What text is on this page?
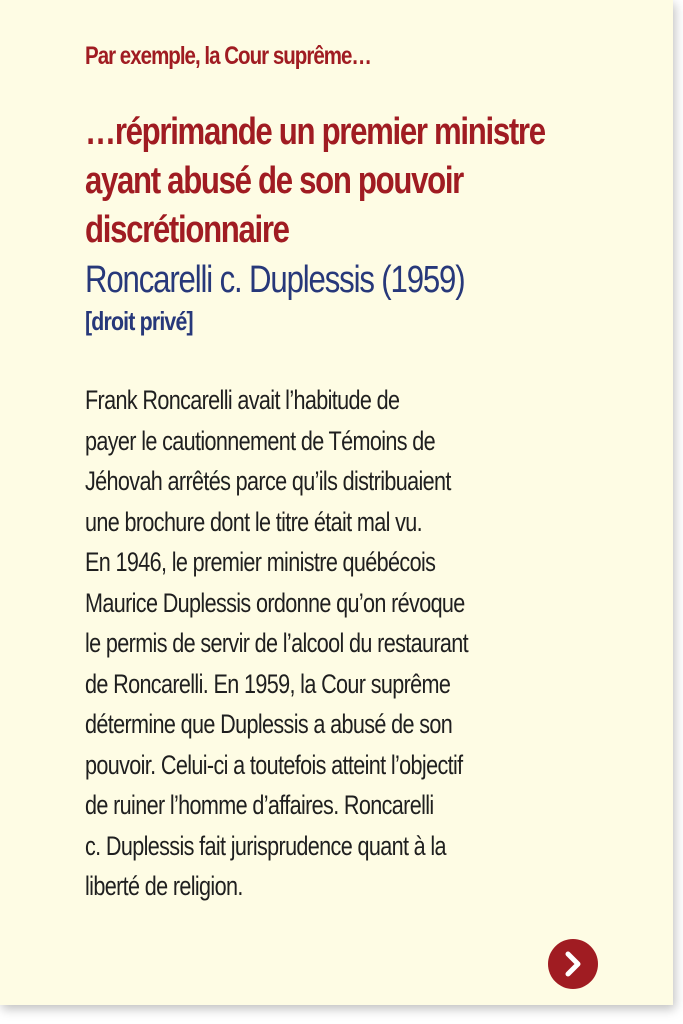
Par exemple, la Cour suprême…

…réprimande un premier ministre ayant abusé de son pouvoir discrétionnaire

Roncarelli c. Duplessis (1959)

[droit privé]

Frank Roncarelli avait l’habitude de
payer le cautionnement de Témoins de
Jéhovah arrêtés parce qu’ils distribuaient
une brochure dont le titre était mal vu.
En 1946, le premier ministre québécois
Maurice Duplessis ordonne qu’on révoque
le permis de servir de l’alcool du restaurant
de Roncarelli. En 1959, la Cour suprême
détermine que Duplessis a abusé de son
pouvoir. Celui-ci a toutefois atteint l’objectif
de ruiner l’homme d’affaires. Roncarelli
c. Duplessis fait jurisprudence quant à la
liberté de religion.
